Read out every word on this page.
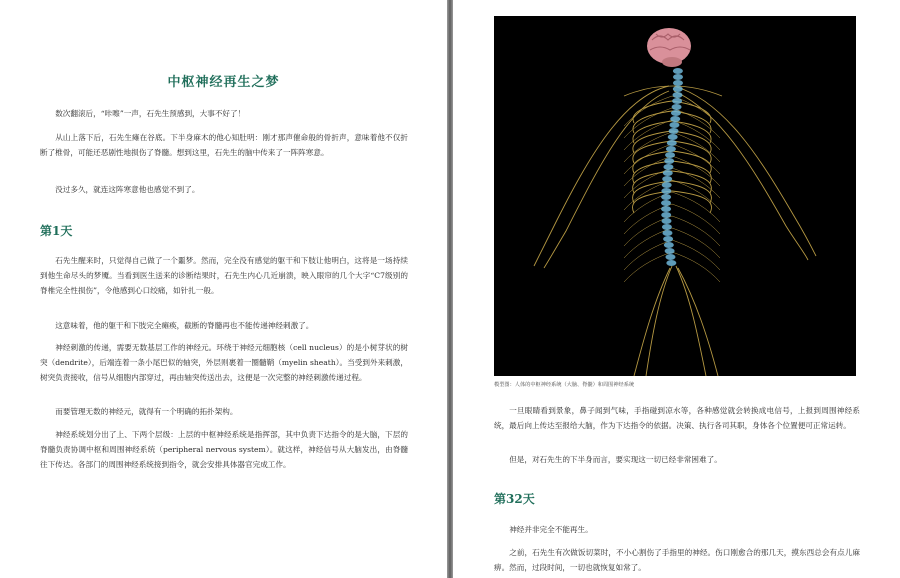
中枢神经再生之梦

数次翻滚后，“咔嚓”一声，石先生预感到，大事不好了！

从山上落下后，石先生瘫在谷底。下半身麻木的他心知肚明：刚才那声催命般的骨折声，意味着他不仅折断了椎骨，可能还恶剧性地损伤了脊髓。想到这里，石先生的脑中传来了一阵阵寒意。

没过多久，就连这阵寒意他也感觉不到了。

第1天

石先生醒来时，只觉得自己做了一个噩梦。然而，完全没有感觉的躯干和下肢让他明白，这将是一场持续到他生命尽头的梦魇。当看到医生送来的诊断结果时，石先生内心几近崩溃，映入眼帘的几个大字“C7级别的脊椎完全性损伤”，令他感到心口绞痛，如针扎一般。

这意味着，他的躯干和下肢完全瘫痪，截断的脊髓再也不能传递神经刺激了。

神经刺激的传递，需要无数基层工作的神经元。环绕于神经元细胞核（cell nucleus）的是小树芽状的树突（dendrite），后端连着一条小尾巴似的轴突，外层则裹着一圈髓鞘（myelin sheath）。当受到外来刺激，树突负责接收，信号从细胞内部穿过，再由轴突传送出去，这便是一次完整的神经刺激传递过程。

而要管理无数的神经元，就得有一个明确的拓扑架构。

神经系统划分出了上、下两个层级：上层的中枢神经系统是指挥部，其中负责下达指令的是大脑，下层的脊髓负责协调中枢和周围神经系统（peripheral nervous system）。就这样，神经信号从大脑发出，由脊髓往下传达。各部门的周围神经系统接到指令，就会安排具体器官完成工作。

模型图：人体的中枢神经系统（大脑、脊髓）和周围神经系统

一旦眼睛看到景象，鼻子闻到气味，手指碰到凉水等，各种感觉就会转换成电信号，上报到周围神经系统，最后向上传达至报给大脑，作为下达指令的依据。决策、执行各司其职，身体各个位置便可正常运转。

但是，对石先生的下半身而言，要实现这一切已经非常困难了。

第32天

神经并非完全不能再生。

之前，石先生有次做饭切菜时，不小心割伤了手指里的神经。伤口刚愈合的那几天，摸东西总会有点儿麻痹。然而，过段时间，一切也就恢复如常了。
